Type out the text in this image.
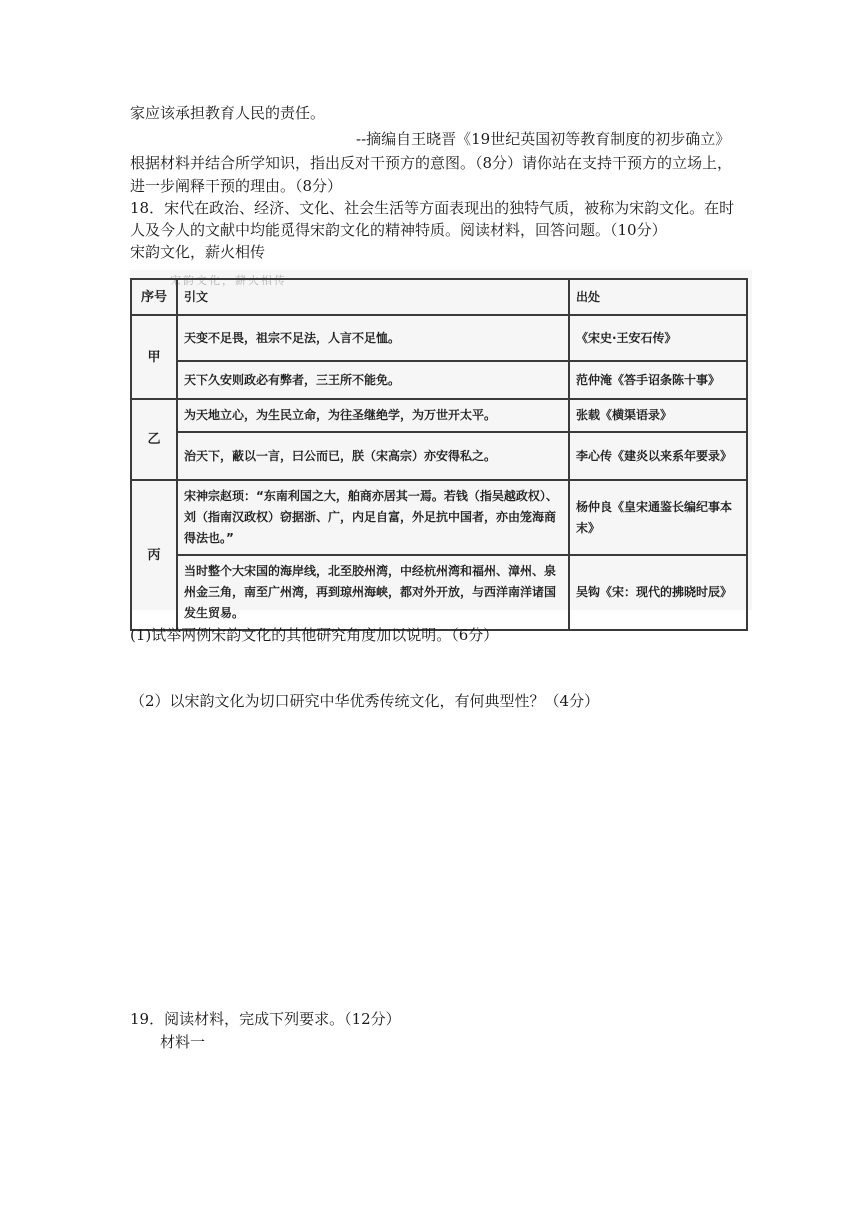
家应该承担教育人民的责任。
--摘编自王晓晋《19世纪英国初等教育制度的初步确立》
根据材料并结合所学知识，指出反对干预方的意图。（8分）请你站在支持干预方的立场上，
进一步阐释干预的理由。（8分）
18．宋代在政治、经济、文化、社会生活等方面表现出的独特气质，被称为宋韵文化。在时
人及今人的文献中均能觅得宋韵文化的精神特质。阅读材料，回答问题。（10分）
宋韵文化，薪火相传
宋韵文化，薪火相传
序号	引文	出处
甲	天变不足畏，祖宗不足法，人言不足恤。	《宋史·王安石传》
	天下久安则政必有弊者，三王所不能免。	范仲淹《答手诏条陈十事》
乙	为天地立心，为生民立命，为往圣继绝学，为万世开太平。	张载《横渠语录》
	治天下，蔽以一言，曰公而已，朕（宋高宗）亦安得私之。	李心传《建炎以来系年要录》
丙	宋神宗赵顼：“东南利国之大，舶商亦居其一焉。若钱（指吴越政权）、刘（指南汉政权）窃据浙、广，内足自富，外足抗中国者，亦由笼海商得法也。”	杨仲良《皇宋通鉴长编纪事本末》
	当时整个大宋国的海岸线，北至胶州湾，中经杭州湾和福州、漳州、泉州金三角，南至广州湾，再到琼州海峡，都对外开放，与西洋南洋诸国发生贸易。	吴钩《宋：现代的拂晓时辰》
(1)试举两例宋韵文化的其他研究角度加以说明。（6分）
（2）以宋韵文化为切口研究中华优秀传统文化，有何典型性？（4分）
19．阅读材料，完成下列要求。（12分）
材料一
